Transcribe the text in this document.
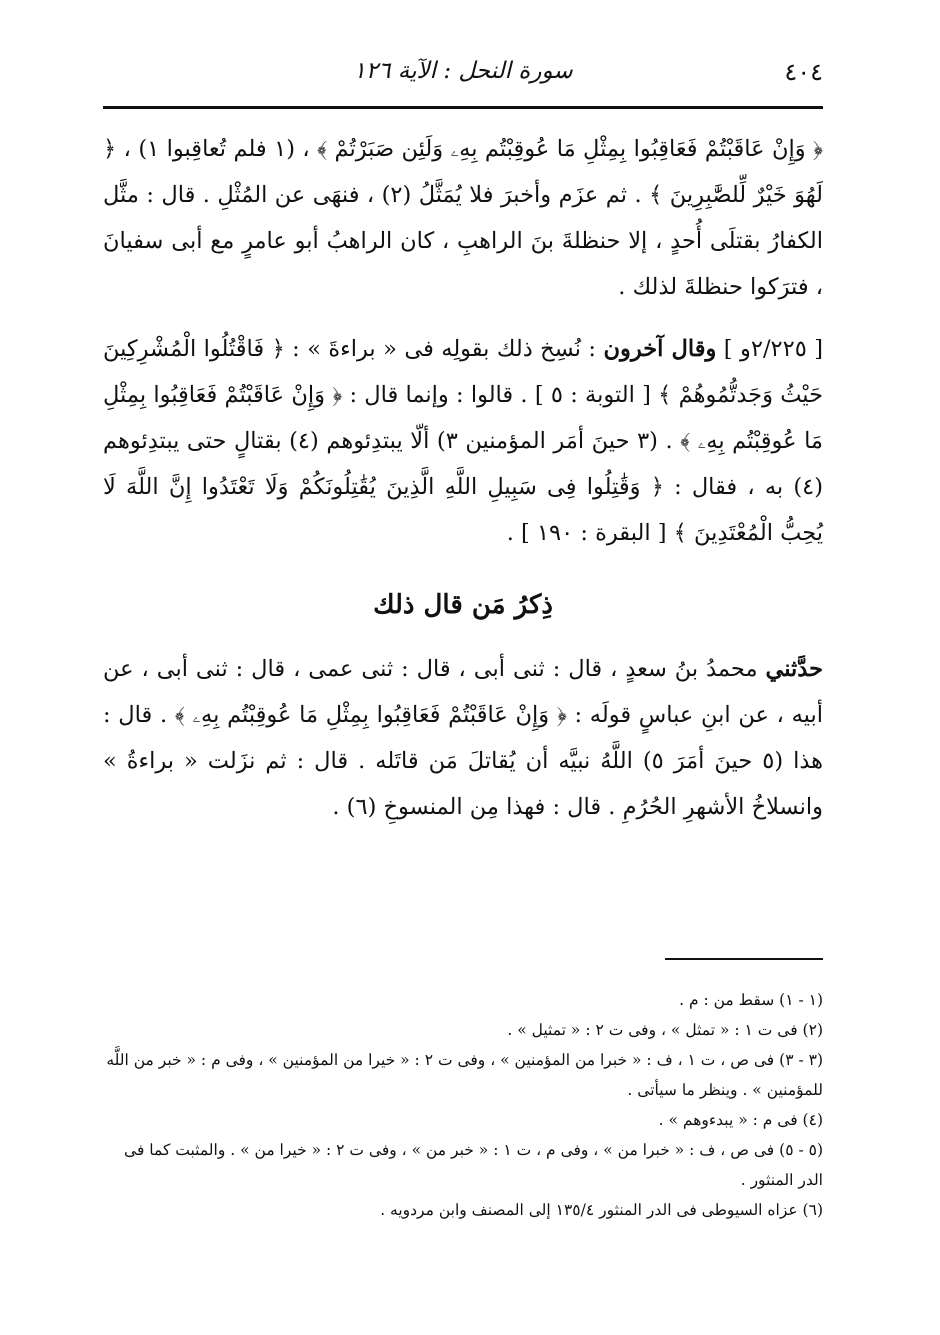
٤٠٤
سورة النحل : الآية ١٢٦

﴿ وَإِنْ عَاقَبْتُمْ فَعَاقِبُوا بِمِثْلِ مَا عُوقِبْتُم بِهِۦ وَلَئِن صَبَرْتُمْ ﴾ ، (١ فلم تُعاقِبوا ١) ، ﴿ لَهُوَ خَيْرٌ لِّلصَّٰبِرِينَ ﴾ . ثم عزَم وأخبرَ فلا يُمَثَّلُ (٢) ، فنهَى عن المُثْلِ . قال : مثَّل الكفارُ بقتلَى أُحدٍ ، إلا حنظلةَ بنَ الراهبِ ، كان الراهبُ أبو عامرٍ مع أبى سفيانَ ، فترَكوا حنظلةَ لذلك .

[ ٢/٢٢٥و ] وقال آخرون : نُسِخ ذلك بقولِه فى « براءةَ » : ﴿ فَاقْتُلُوا الْمُشْرِكِينَ حَيْثُ وَجَدتُّمُوهُمْ ﴾ [ التوبة : ٥ ] . قالوا : وإنما قال : ﴿ وَإِنْ عَاقَبْتُمْ فَعَاقِبُوا بِمِثْلِ مَا عُوقِبْتُم بِهِۦ ﴾ . (٣ حينَ أمَر المؤمنين ٣) ألّا يبتدِئوهم (٤) بقتالٍ حتى يبتدِئوهم (٤) به ، فقال : ﴿ وَقَٰتِلُوا فِى سَبِيلِ اللَّهِ الَّذِينَ يُقَٰتِلُونَكُمْ وَلَا تَعْتَدُوا إِنَّ اللَّهَ لَا يُحِبُّ الْمُعْتَدِينَ ﴾ [ البقرة : ١٩٠ ] .

ذِكرُ مَن قال ذلك

حدَّثني محمدُ بنُ سعدٍ ، قال : ثنى أبى ، قال : ثنى عمى ، قال : ثنى أبى ، عن أبيه ، عن ابنِ عباسٍ قولَه : ﴿ وَإِنْ عَاقَبْتُمْ فَعَاقِبُوا بِمِثْلِ مَا عُوقِبْتُم بِهِۦ ﴾ . قال : هذا (٥ حينَ أمَرَ ٥) اللَّهُ نبيَّه أن يُقاتلَ مَن قاتَله . قال : ثم نزَلت « براءةُ » وانسلاخُ الأشهرِ الحُرُمِ . قال : فهذا مِن المنسوخِ (٦) .

(١ - ١) سقط من : م .

(٢) فى ت ١ : « تمثل » ، وفى ت ٢ : « تمثيل » .

(٣ - ٣) فى ص ، ت ١ ، ف : « خبرا من المؤمنين » ، وفى ت ٢ : « خيرا من المؤمنين » ، وفى م : « خبر من اللَّه للمؤمنين » . وينظر ما سيأتى .

(٤) فى م : « يبدءوهم » .

(٥ - ٥) فى ص ، ف : « خبرا من » ، وفى م ، ت ١ : « خبر من » ، وفى ت ٢ : « خيرا من » . والمثبت كما فى الدر المنثور .

(٦) عزاه السيوطى فى الدر المنثور ١٣٥/٤ إلى المصنف وابن مردويه .
